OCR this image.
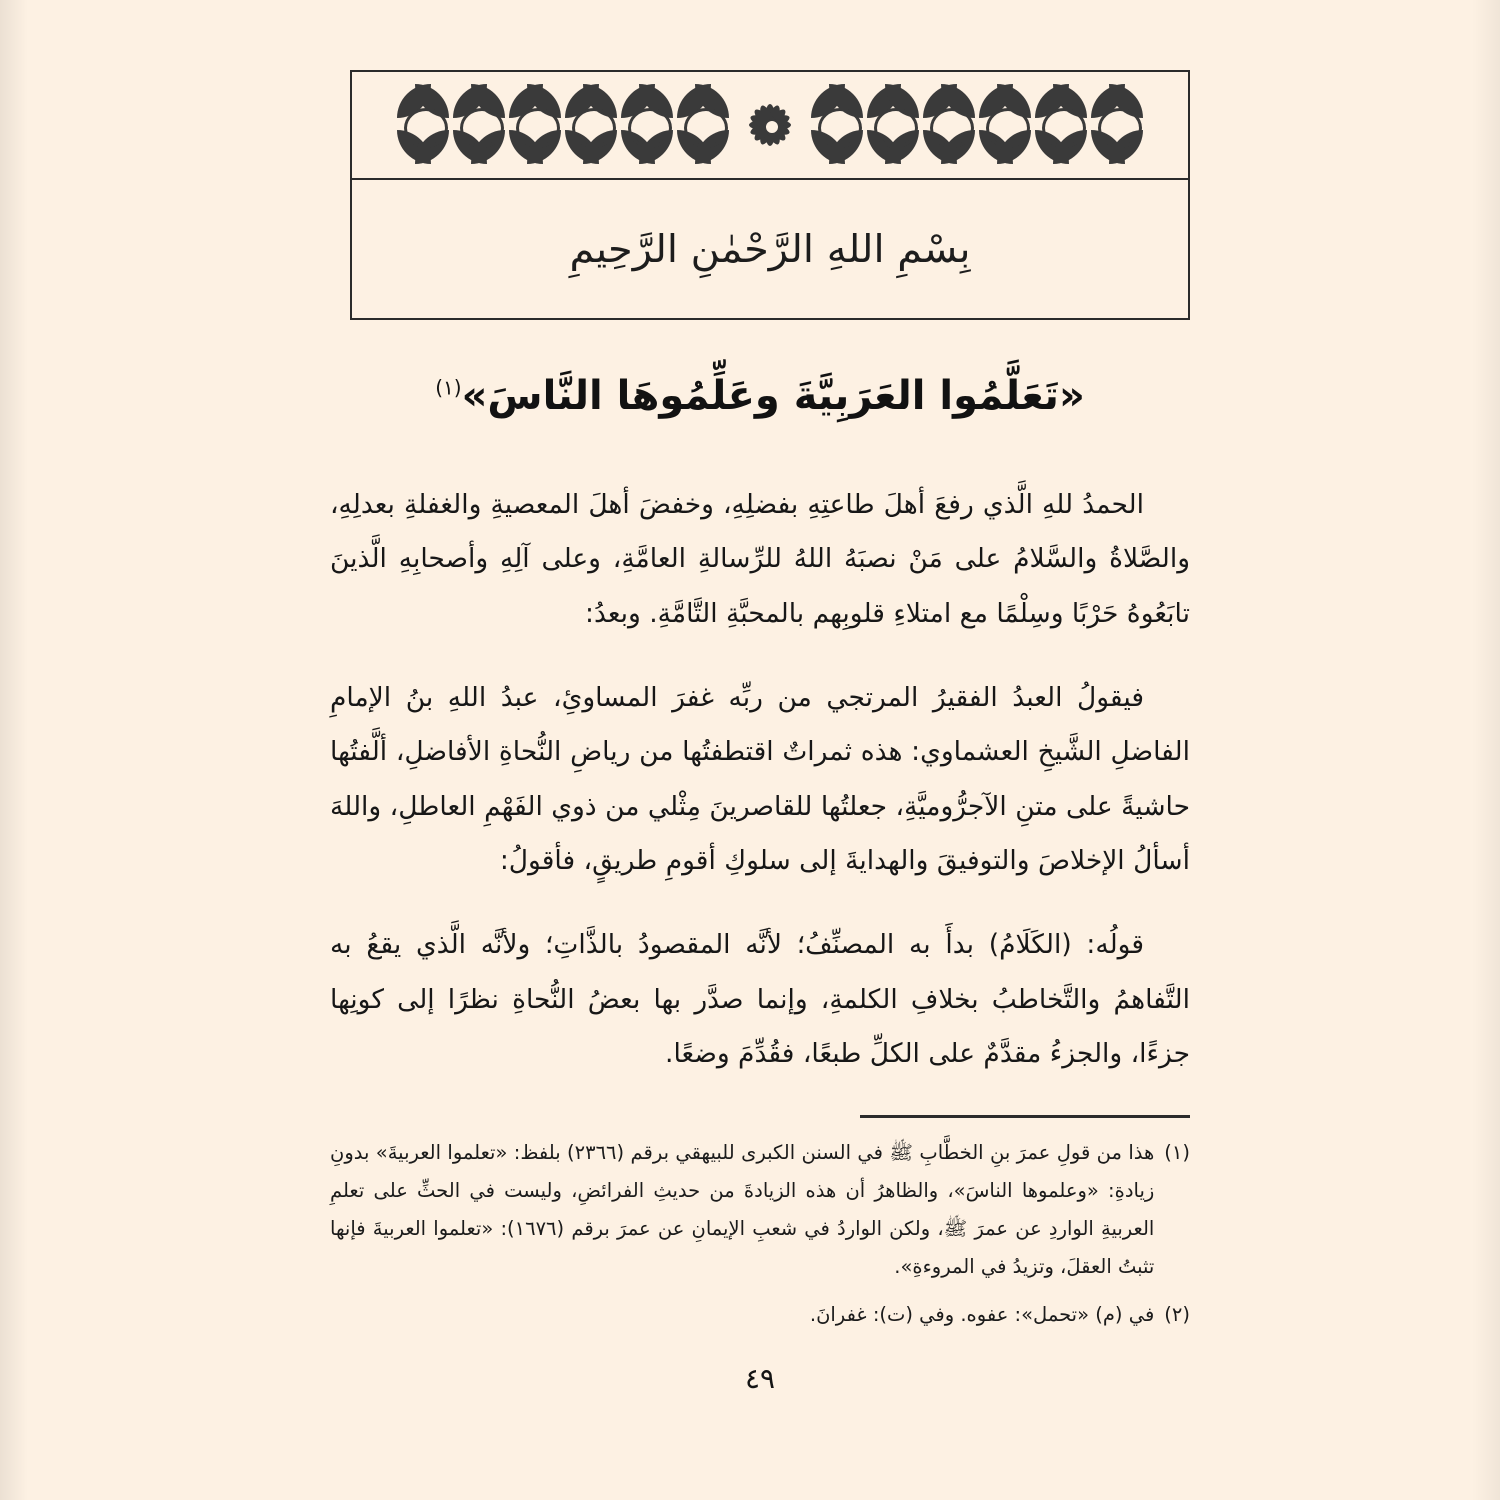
بِسْمِ اللهِ الرَّحْمٰنِ الرَّحِيمِ
«تَعَلَّمُوا العَرَبِيَّةَ وعَلِّمُوهَا النَّاسَ»$^{(١)}$

الحمدُ للهِ الَّذي رفعَ أهلَ طاعتِهِ بفضلِهِ، وخفضَ أهلَ المعصيةِ والغفلةِ بعدلِهِ، والصَّلاةُ والسَّلامُ على مَنْ نصبَهُ اللهُ للرِّسالةِ العامَّةِ، وعلى آلِهِ وأصحابِهِ الَّذينَ تابَعُوهُ حَرْبًا وسِلْمًا مع امتلاءِ قلوبِهم بالمحبَّةِ التَّامَّةِ. وبعدُ:

فيقولُ العبدُ الفقيرُ المرتجي من ربِّه غفرَ المساوئِ، عبدُ اللهِ بنُ الإمامِ الفاضلِ الشَّيخِ العشماوي: هذه ثمراتٌ اقتطفتُها من رياضِ النُّحاةِ الأفاضلِ، ألَّفتُها حاشيةً على متنِ الآجرُّوميَّةِ، جعلتُها للقاصرينَ مِثْلي من ذوي الفَهْمِ العاطلِ، واللهَ أسألُ الإخلاصَ والتوفيقَ والهدايةَ إلى سلوكِ أقومِ طريقٍ، فأقولُ:

قولُه: (الكَلَامُ) بدأَ به المصنِّفُ؛ لأنَّه المقصودُ بالذَّاتِ؛ ولأنَّه الَّذي يقعُ به التَّفاهمُ والتَّخاطبُ بخلافِ الكلمةِ، وإنما صدَّر بها بعضُ النُّحاةِ نظرًا إلى كونِها جزءًا، والجزءُ مقدَّمٌ على الكلِّ طبعًا، فقُدِّمَ وضعًا.

(١)
هذا من قولِ عمرَ بنِ الخطَّابِ ﷺ في السنن الكبرى للبيهقي برقم (٢٣٦٦) بلفظ: «تعلموا العربيةَ» بدونِ زيادةِ: «وعلموها الناسَ»، والظاهرُ أن هذه الزيادةَ من حديثِ الفرائضِ، وليست في الحثِّ على تعلمِ العربيةِ الواردِ عن عمرَ ﷺ، ولكن الواردُ في شعبِ الإيمانِ عن عمرَ برقم (١٦٧٦): «تعلموا العربيةَ فإنها تثبتُ العقلَ، وتزيدُ في المروءةِ».
(٢)
في (م) «تحمل»: عفوه. وفي (ت): غفرانَ.
٤٩
